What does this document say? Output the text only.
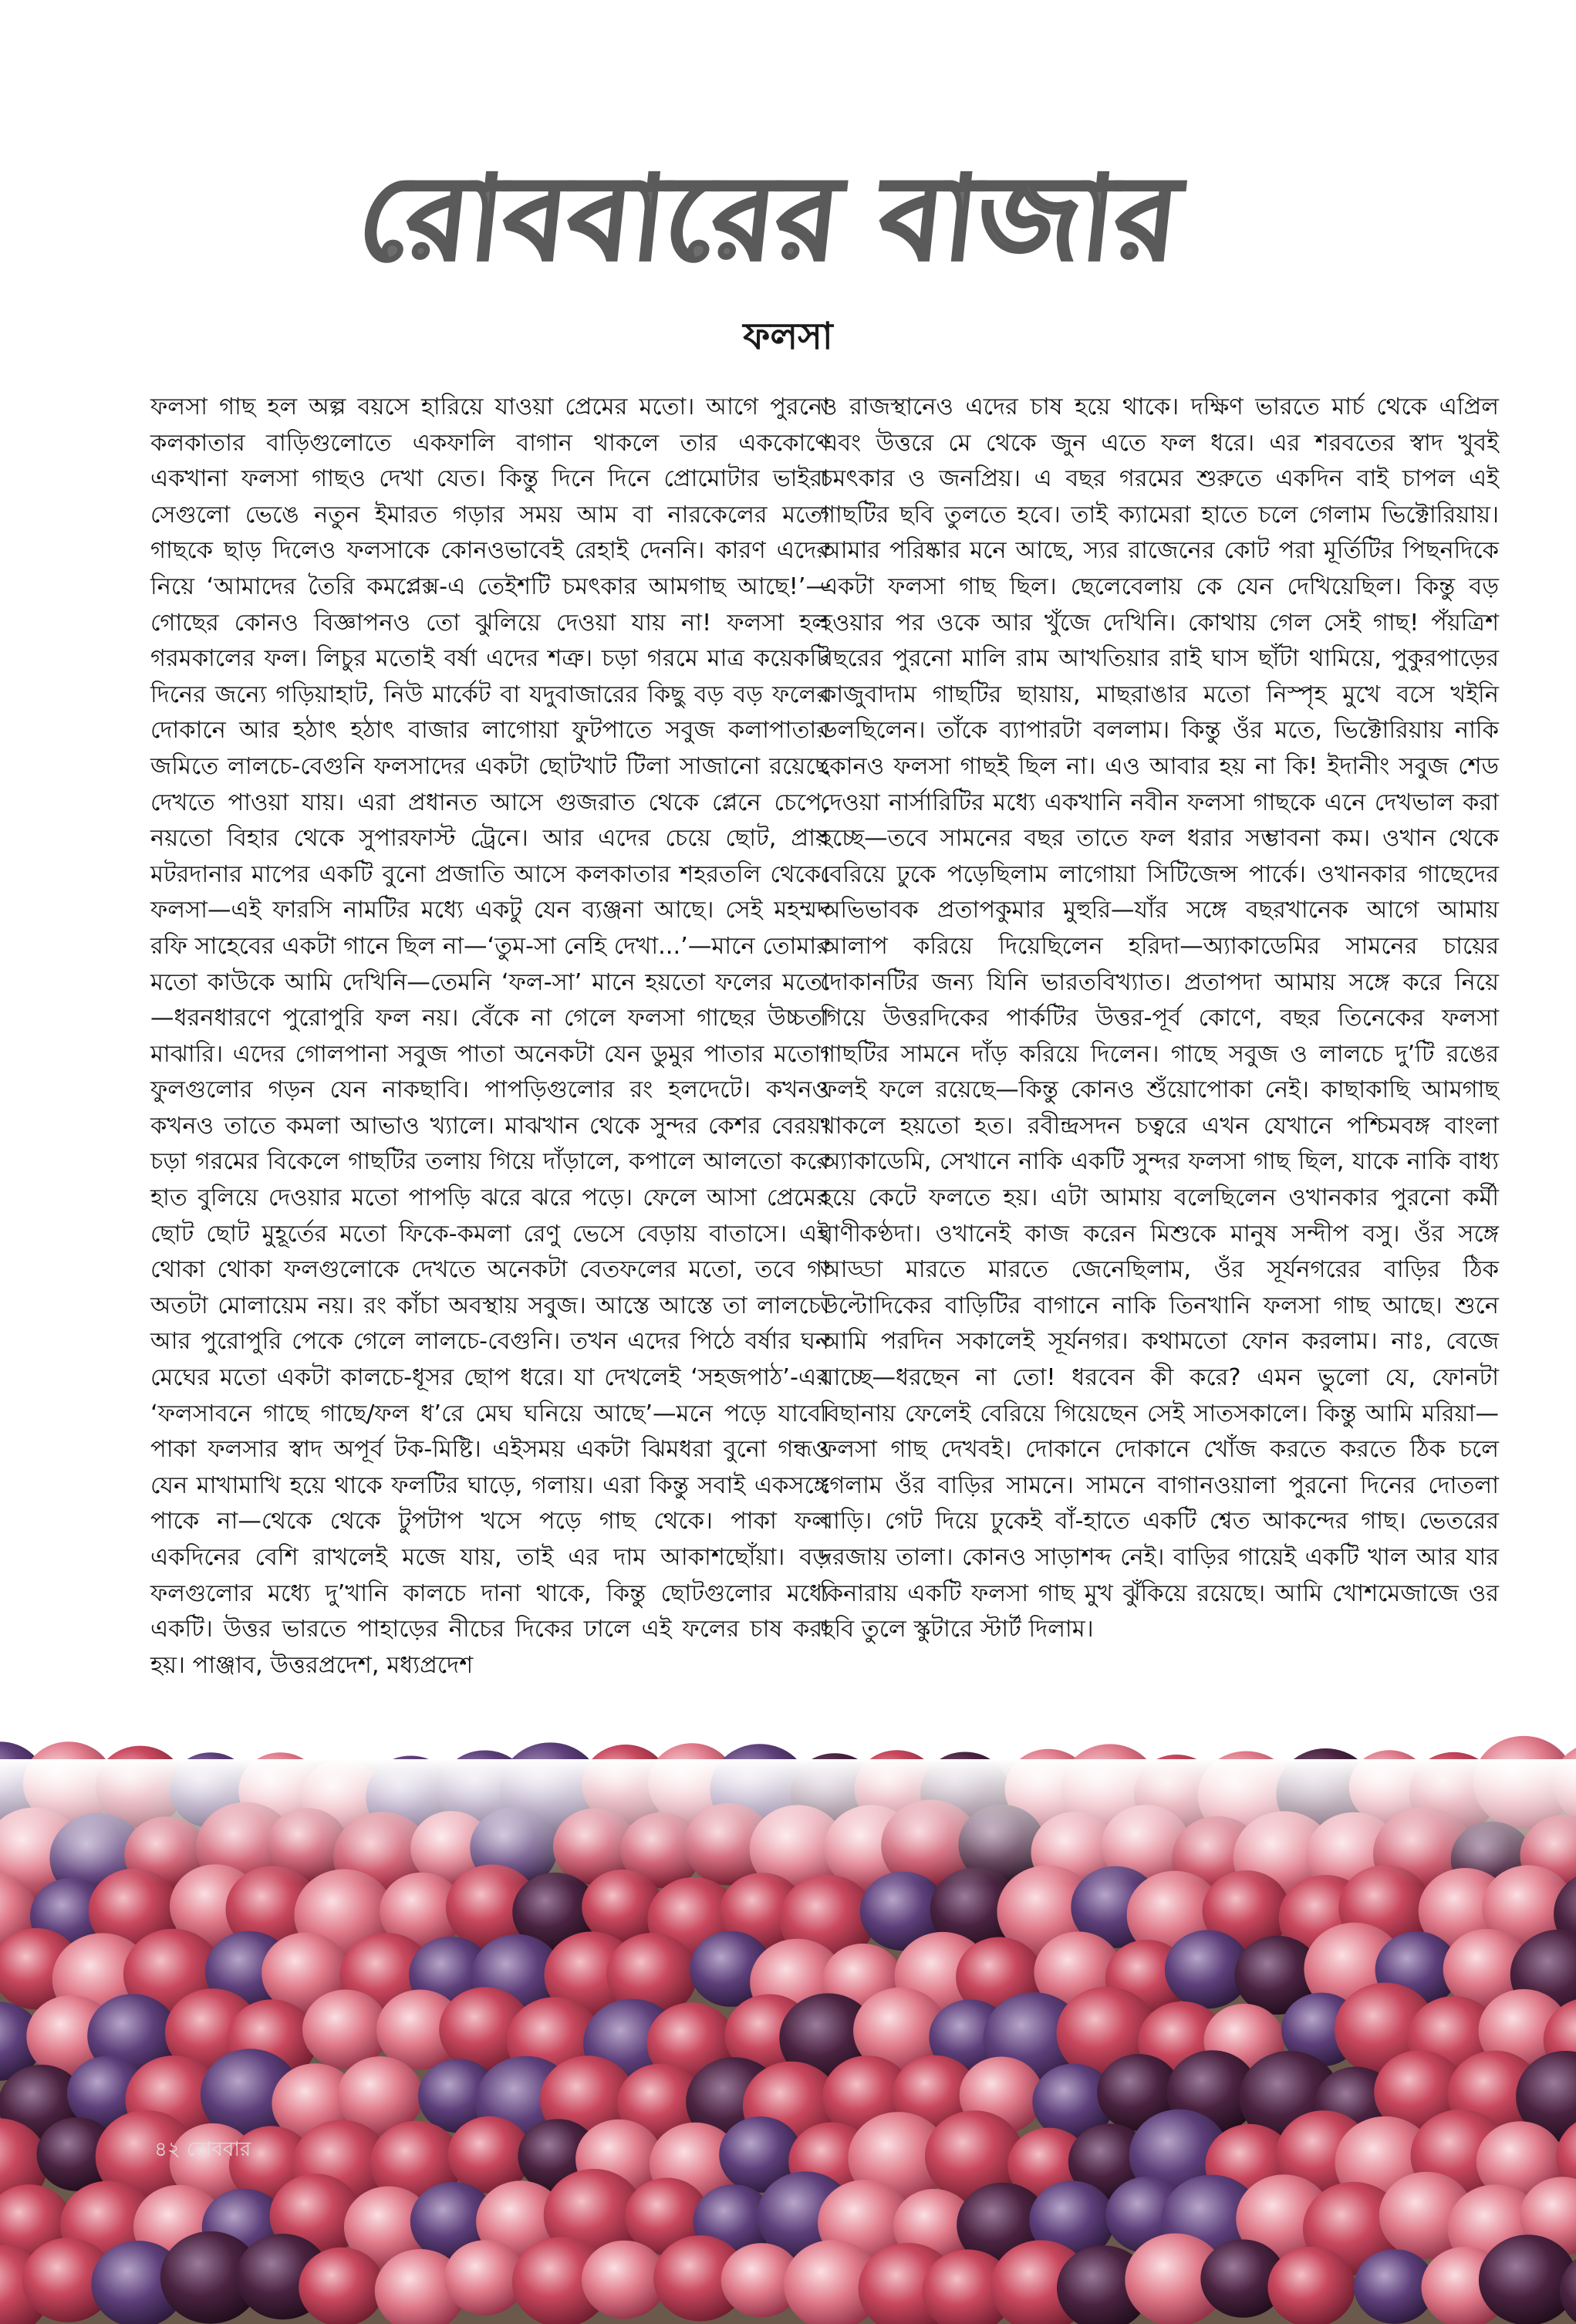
রোববারের বাজার
ফলসা

ফলসা গাছ হল অল্প বয়সে হারিয়ে যাওয়া প্রেমের মতো। আগে পুরনো কলকাতার বাড়িগুলোতে একফালি বাগান থাকলে তার এককোণে একখানা ফলসা গাছও দেখা যেত। কিন্তু দিনে দিনে প্রোমোটার ভাইরা সেগুলো ভেঙে নতুন ইমারত গড়ার সময় আম বা নারকেলের মতো গাছকে ছাড় দিলেও ফলসাকে কোনওভাবেই রেহাই দেননি। কারণ এদের নিয়ে ‘আমাদের তৈরি কমপ্লেক্স-এ তেইশটি চমৎকার আমগাছ আছে!’—গোছের কোনও বিজ্ঞাপনও তো ঝুলিয়ে দেওয়া যায় না! ফলসা হল গরমকালের ফল। লিচুর মতোই বর্ষা এদের শত্রু। চড়া গরমে মাত্র কয়েকটি দিনের জন্যে গড়িয়াহাট, নিউ মার্কেট বা যদুবাজারের কিছু বড় বড় ফলের দোকানে আর হঠাৎ হঠাৎ বাজার লাগোয়া ফুটপাতে সবুজ কলাপাতার জমিতে লালচে-বেগুনি ফলসাদের একটা ছোটখাট টিলা সাজানো রয়েছে দেখতে পাওয়া যায়। এরা প্রধানত আসে গুজরাত থেকে প্লেনে চেপে, নয়তো বিহার থেকে সুপারফাস্ট ট্রেনে। আর এদের চেয়ে ছোট, প্রায় মটরদানার মাপের একটি বুনো প্রজাতি আসে কলকাতার শহরতলি থেকে। ফলসা—এই ফারসি নামটির মধ্যে একটু যেন ব্যঞ্জনা আছে। সেই মহম্মদ রফি সাহেবের একটা গানে ছিল না—‘তুম-সা নেহি দেখা...’—মানে তোমার মতো কাউকে আমি দেখিনি—তেমনি ‘ফল-সা’ মানে হয়তো ফলের মতো—ধরনধারণে পুরোপুরি ফল নয়। বেঁকে না গেলে ফলসা গাছের উচ্চতা মাঝারি। এদের গোলপানা সবুজ পাতা অনেকটা যেন ডুমুর পাতার মতো। ফুলগুলোর গড়ন যেন নাকছাবি। পাপড়িগুলোর রং হলদেটে। কখনও কখনও তাতে কমলা আভাও খ্যালে। মাঝখান থেকে সুন্দর কেশর বেরয়। চড়া গরমের বিকেলে গাছটির তলায় গিয়ে দাঁড়ালে, কপালে আলতো করে হাত বুলিয়ে দেওয়ার মতো পাপড়ি ঝরে ঝরে পড়ে। ফেলে আসা প্রেমের ছোট ছোট মুহূর্তের মতো ফিকে-কমলা রেণু ভেসে বেড়ায় বাতাসে। এই থোকা থোকা ফলগুলোকে দেখতে অনেকটা বেতফলের মতো, তবে গা অতটা মোলায়েম নয়। রং কাঁচা অবস্থায় সবুজ। আস্তে আস্তে তা লালচে। আর পুরোপুরি পেকে গেলে লালচে-বেগুনি। তখন এদের পিঠে বর্ষার ঘন মেঘের মতো একটা কালচে-ধূসর ছোপ ধরে। যা দেখলেই ‘সহজপাঠ’-এর ‘ফলসাবনে গাছে গাছে/ফল ধ’রে মেঘ ঘনিয়ে আছে’—মনে পড়ে যাবে। পাকা ফলসার স্বাদ অপূর্ব টক-মিষ্টি। এইসময় একটা ঝিমধরা বুনো গন্ধও যেন মাখামাখি হয়ে থাকে ফলটির ঘাড়ে, গলায়। এরা কিন্তু সবাই একসঙ্গে পাকে না—থেকে থেকে টুপটাপ খসে পড়ে গাছ থেকে। পাকা ফল একদিনের বেশি রাখলেই মজে যায়, তাই এর দাম আকাশছোঁয়া। বড় ফলগুলোর মধ্যে দু’খানি কালচে দানা থাকে, কিন্তু ছোটগুলোর মধ্যে একটি। উত্তর ভারতে পাহাড়ের নীচের দিকের ঢালে এই ফলের চাষ করা হয়। পাঞ্জাব, উত্তরপ্রদেশ, মধ্যপ্রদেশ

ও রাজস্থানেও এদের চাষ হয়ে থাকে। দক্ষিণ ভারতে মার্চ থেকে এপ্রিল এবং উত্তরে মে থেকে জুন এতে ফল ধরে। এর শরবতের স্বাদ খুবই চমৎকার ও জনপ্রিয়। এ বছর গরমের শুরুতে একদিন বাই চাপল এই গাছটির ছবি তুলতে হবে। তাই ক্যামেরা হাতে চলে গেলাম ভিক্টোরিয়ায়। আমার পরিষ্কার মনে আছে, স্যর রাজেনের কোট পরা মূর্তিটির পিছনদিকে একটা ফলসা গাছ ছিল। ছেলেবেলায় কে যেন দেখিয়েছিল। কিন্তু বড় হওয়ার পর ওকে আর খুঁজে দেখিনি। কোথায় গেল সেই গাছ! পঁয়ত্রিশ বছরের পুরনো মালি রাম আখতিয়ার রাই ঘাস ছাঁটা থামিয়ে, পুকুরপাড়ের কাজুবাদাম গাছটির ছায়ায়, মাছরাঙার মতো নিস্পৃহ মুখে বসে খইনি ডলছিলেন। তাঁকে ব্যাপারটা বললাম। কিন্তু ওঁর মতে, ভিক্টোরিয়ায় নাকি কোনও ফলসা গাছই ছিল না। এও আবার হয় না কি! ইদানীং সবুজ শেড দেওয়া নার্সারিটির মধ্যে একখানি নবীন ফলসা গাছকে এনে দেখভাল করা হচ্ছে—তবে সামনের বছর তাতে ফল ধরার সম্ভাবনা কম। ওখান থেকে বেরিয়ে ঢুকে পড়েছিলাম লাগোয়া সিটিজেন্স পার্কে। ওখানকার গাছেদের অভিভাবক প্রতাপকুমার মুহুরি—যাঁর সঙ্গে বছরখানেক আগে আমায় আলাপ করিয়ে দিয়েছিলেন হরিদা—অ্যাকাডেমির সামনের চায়ের দোকানটির জন্য যিনি ভারতবিখ্যাত। প্রতাপদা আমায় সঙ্গে করে নিয়ে গিয়ে উত্তরদিকের পার্কটির উত্তর-পূর্ব কোণে, বছর তিনেকের ফলসা গাছটির সামনে দাঁড় করিয়ে দিলেন। গাছে সবুজ ও লালচে দু’টি রঙের ফলই ফলে রয়েছে—কিন্তু কোনও শুঁয়োপোকা নেই। কাছাকাছি আমগাছ থাকলে হয়তো হত। রবীন্দ্রসদন চত্বরে এখন যেখানে পশ্চিমবঙ্গ বাংলা অ্যাকাডেমি, সেখানে নাকি একটি সুন্দর ফলসা গাছ ছিল, যাকে নাকি বাধ্য হয়ে কেটে ফলতে হয়। এটা আমায় বলেছিলেন ওখানকার পুরনো কর্মী বাণীকণ্ঠদা। ওখানেই কাজ করেন মিশুকে মানুষ সন্দীপ বসু। ওঁর সঙ্গে আড্ডা মারতে মারতে জেনেছিলাম, ওঁর সূর্যনগরের বাড়ির ঠিক উল্টোদিকের বাড়িটির বাগানে নাকি তিনখানি ফলসা গাছ আছে। শুনে আমি পরদিন সকালেই সূর্যনগর। কথামতো ফোন করলাম। নাঃ, বেজে যাচ্ছে—ধরছেন না তো! ধরবেন কী করে? এমন ভুলো যে, ফোনটা বিছানায় ফেলেই বেরিয়ে গিয়েছেন সেই সাতসকালে। কিন্তু আমি মরিয়া—ফলসা গাছ দেখবই। দোকানে দোকানে খোঁজ করতে করতে ঠিক চলে গেলাম ওঁর বাড়ির সামনে। সামনে বাগানওয়ালা পুরনো দিনের দোতলা বাড়ি। গেট দিয়ে ঢুকেই বাঁ-হাতে একটি শ্বেত আকন্দের গাছ। ভেতরের দরজায় তালা। কোনও সাড়াশব্দ নেই। বাড়ির গায়েই একটি খাল আর যার কিনারায় একটি ফলসা গাছ মুখ ঝুঁকিয়ে রয়েছে। আমি খোশমেজাজে ওর ছবি তুলে স্কুটারে স্টার্ট দিলাম।

৪২ রোববার
